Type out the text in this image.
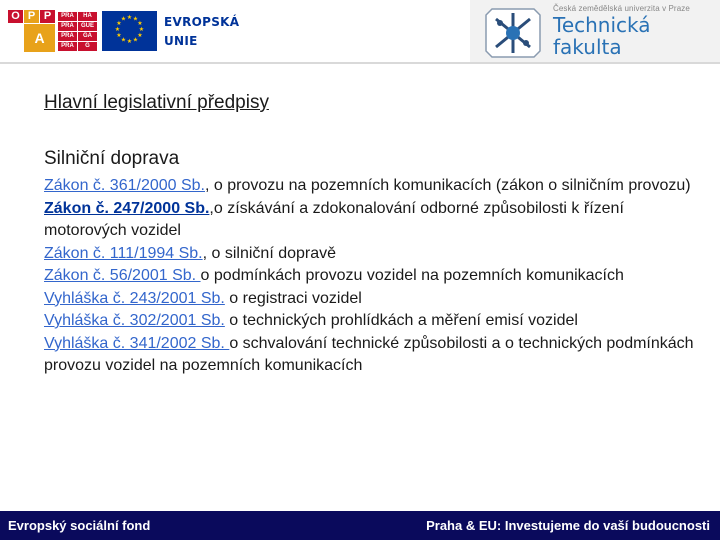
O P P
A
PRA	HA
PRA	GUE
PRA	GA
PRA	G
★ ★
★
★
★
★
★
★
★
★
★
★	EVROPSKÁ
UNIE
Česká zemědělská univerzita v Praze
Technická
fakulta
Hlavní legislativní předpisy
Silniční doprava
Zákon č. 361/2000 Sb., o provozu na pozemních komunikacích (zákon o silničním provozu)
Zákon č. 247/2000 Sb.,o získávání a zdokonalování odborné způsobilosti k řízení motorových vozidel
Zákon č. 111/1994 Sb., o silniční dopravě
Zákon č. 56/2001 Sb. o podmínkách provozu vozidel na pozemních komunikacích
Vyhláška č. 243/2001 Sb. o registraci vozidel
Vyhláška č. 302/2001 Sb. o technických prohlídkách a měření emisí vozidel
Vyhláška č. 341/2002 Sb. o schvalování technické způsobilosti a o technických podmínkách provozu vozidel na pozemních komunikacích
Evropský sociální fond	Praha & EU: Investujeme do vaší budoucnosti
